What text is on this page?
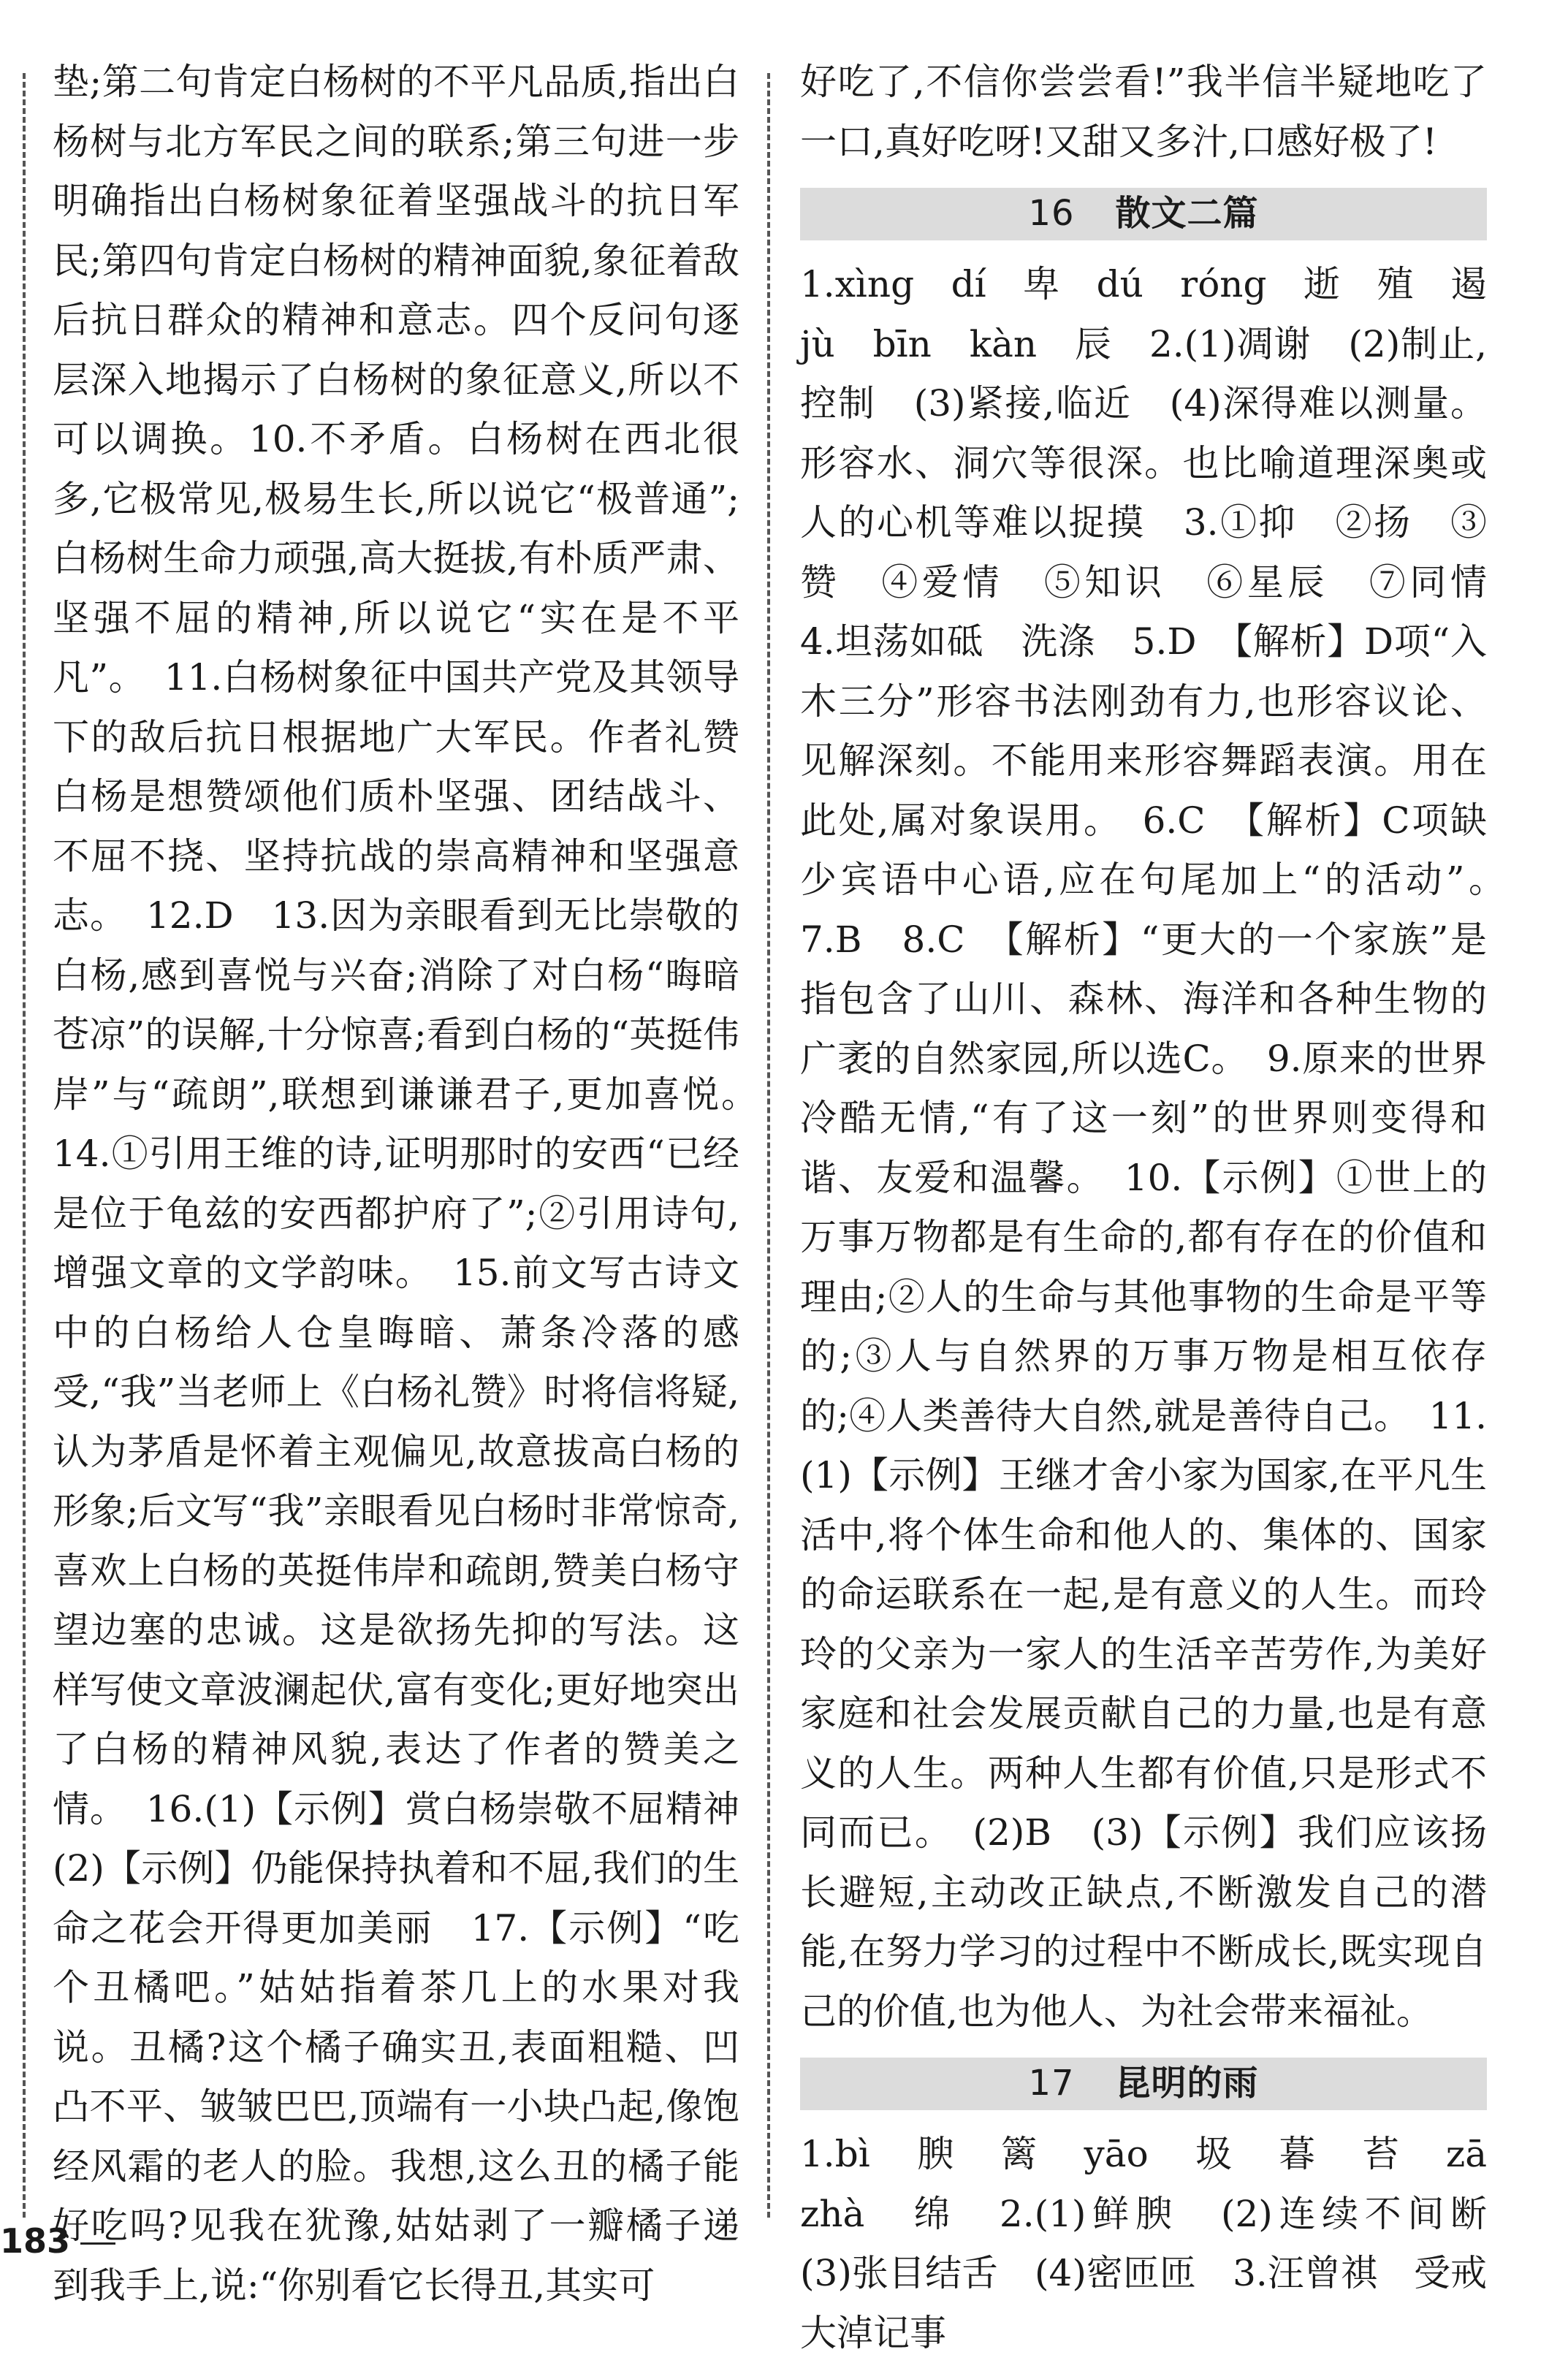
垫;第二句肯定白杨树的不平凡品质,指出白杨树与北方军民之间的联系;第三句进一步明确指出白杨树象征着坚强战斗的抗日军民;第四句肯定白杨树的精神面貌,象征着敌后抗日群众的精神和意志。四个反问句逐层深入地揭示了白杨树的象征意义,所以不可以调换。10.不矛盾。白杨树在西北很多,它极常见,极易生长,所以说它“极普通”;白杨树生命力顽强,高大挺拔,有朴质严肃、坚强不屈的精神,所以说它“实在是不平凡”。　11.白杨树象征中国共产党及其领导下的敌后抗日根据地广大军民。作者礼赞白杨是想赞颂他们质朴坚强、团结战斗、不屈不挠、坚持抗战的崇高精神和坚强意志。　12.D　13.因为亲眼看到无比崇敬的白杨,感到喜悦与兴奋;消除了对白杨“晦暗苍凉”的误解,十分惊喜;看到白杨的“英挺伟岸”与“疏朗”,联想到谦谦君子,更加喜悦。　14.①引用王维的诗,证明那时的安西“已经是位于龟兹的安西都护府了”;②引用诗句,增强文章的文学韵味。　15.前文写古诗文中的白杨给人仓皇晦暗、萧条冷落的感受,“我”当老师上《白杨礼赞》时将信将疑,认为茅盾是怀着主观偏见,故意拔高白杨的形象;后文写“我”亲眼看见白杨时非常惊奇,喜欢上白杨的英挺伟岸和疏朗,赞美白杨守望边塞的忠诚。这是欲扬先抑的写法。这样写使文章波澜起伏,富有变化;更好地突出了白杨的精神风貌,表达了作者的赞美之情。　16.(1)【示例】赏白杨崇敬不屈精神　(2)【示例】仍能保持执着和不屈,我们的生命之花会开得更加美丽　17.【示例】“吃个丑橘吧。”姑姑指着茶几上的水果对我说。丑橘?这个橘子确实丑,表面粗糙、凹凸不平、皱皱巴巴,顶端有一小块凸起,像饱经风霜的老人的脸。我想,这么丑的橘子能好吃吗?见我在犹豫,姑姑剥了一瓣橘子递到我手上,说:“你别看它长得丑,其实可

好吃了,不信你尝尝看!”我半信半疑地吃了一口,真好吃呀!又甜又多汁,口感好极了!

16 散文二篇

1.xìng　dí　卑　dú　róng　逝　殖　遏　jù　bīn　kàn　辰　2.(1)凋谢　(2)制止,控制　(3)紧接,临近　(4)深得难以测量。形容水、洞穴等很深。也比喻道理深奥或人的心机等难以捉摸　3.①抑　②扬　③赞　④爱情　⑤知识　⑥星辰　⑦同情　4.坦荡如砥　洗涤　5.D　【解析】D项“入木三分”形容书法刚劲有力,也形容议论、见解深刻。不能用来形容舞蹈表演。用在此处,属对象误用。　6.C　【解析】C项缺少宾语中心语,应在句尾加上“的活动”。　7.B　8.C　【解析】“更大的一个家族”是指包含了山川、森林、海洋和各种生物的广袤的自然家园,所以选C。　9.原来的世界冷酷无情,“有了这一刻”的世界则变得和谐、友爱和温馨。　10.【示例】①世上的万事万物都是有生命的,都有存在的价值和理由;②人的生命与其他事物的生命是平等的;③人与自然界的万事万物是相互依存的;④人类善待大自然,就是善待自己。　11.(1)【示例】王继才舍小家为国家,在平凡生活中,将个体生命和他人的、集体的、国家的命运联系在一起,是有意义的人生。而玲玲的父亲为一家人的生活辛苦劳作,为美好家庭和社会发展贡献自己的力量,也是有意义的人生。两种人生都有价值,只是形式不同而已。　(2)B　(3)【示例】我们应该扬长避短,主动改正缺点,不断激发自己的潜能,在努力学习的过程中不断成长,既实现自己的价值,也为他人、为社会带来福祉。

17 昆明的雨

1.bì　腴　篱　yāo　圾　暮　苔　zā　zhà　绵　2.(1)鲜腴　(2)连续不间断　(3)张目结舌　(4)密匝匝　3.汪曾祺　受戒　大淖记事

183
